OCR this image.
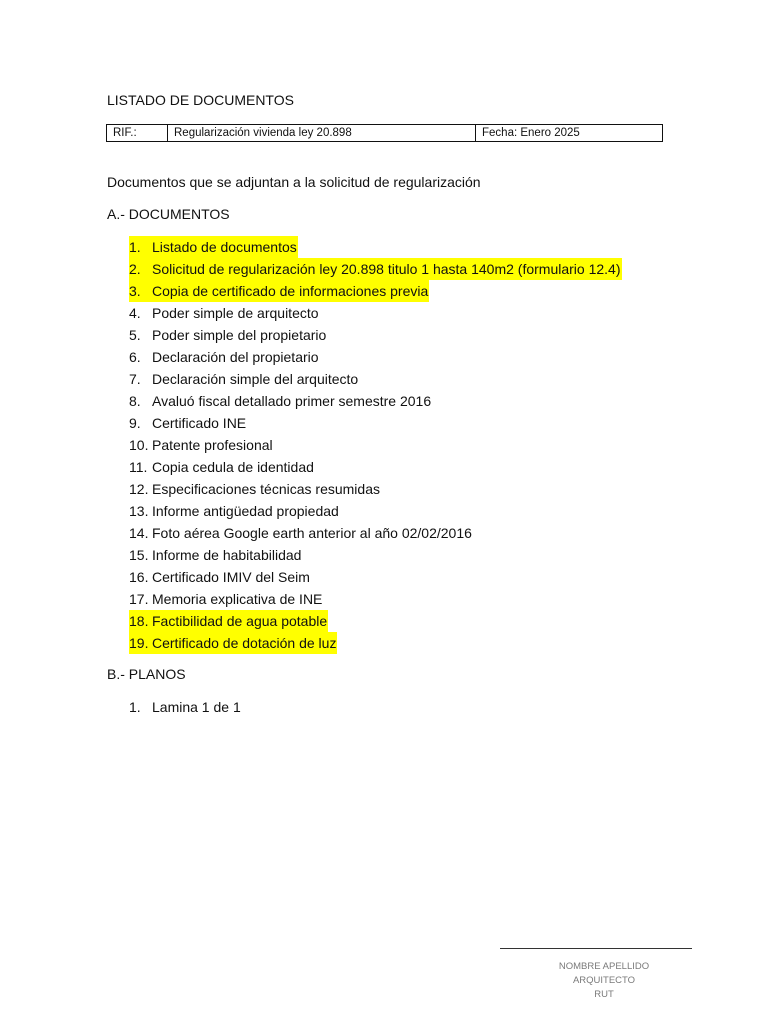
LISTADO DE DOCUMENTOS
RIF.:	Regularización vivienda ley 20.898	Fecha: Enero 2025
Documentos que se adjuntan a la solicitud de regularización
A.- DOCUMENTOS
1. Listado de documentos
2. Solicitud de regularización ley 20.898 titulo 1 hasta 140m2 (formulario 12.4)
3. Copia de certificado de informaciones previa
4. Poder simple de arquitecto
5. Poder simple del propietario
6. Declaración del propietario
7. Declaración simple del arquitecto
8. Avaluó fiscal detallado primer semestre 2016
9. Certificado INE
10. Patente profesional
11. Copia cedula de identidad
12. Especificaciones técnicas resumidas
13. Informe antigüedad propiedad
14. Foto aérea Google earth anterior al año 02/02/2016
15. Informe de habitabilidad
16. Certificado IMIV del Seim
17. Memoria explicativa de INE
18. Factibilidad de agua potable
19. Certificado de dotación de luz
B.- PLANOS
1. Lamina 1 de 1
NOMBRE APELLIDO
ARQUITECTO
RUT
